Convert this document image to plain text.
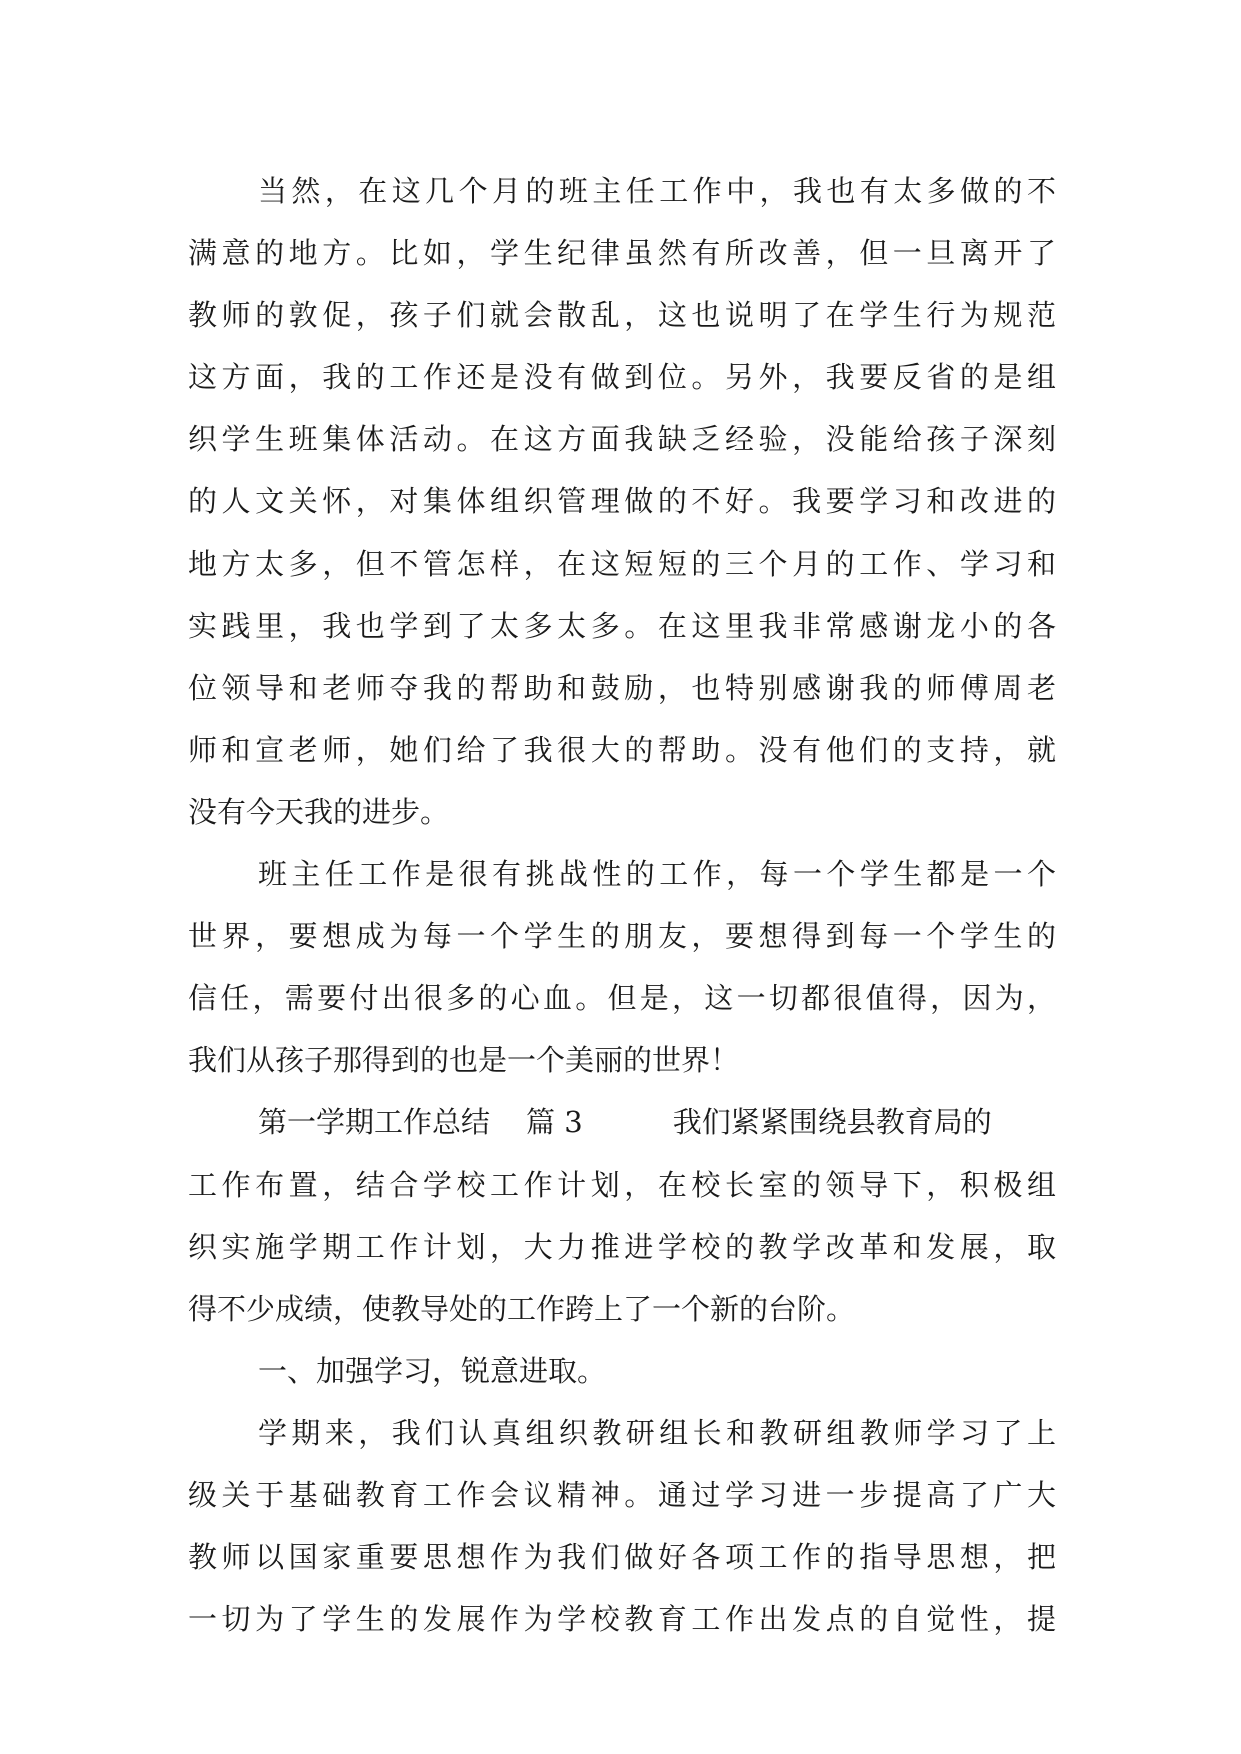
当然，在这几个月的班主任工作中，我也有太多做的不
满意的地方。比如，学生纪律虽然有所改善，但一旦离开了
教师的敦促，孩子们就会散乱，这也说明了在学生行为规范
这方面，我的工作还是没有做到位。另外，我要反省的是组
织学生班集体活动。在这方面我缺乏经验，没能给孩子深刻
的人文关怀，对集体组织管理做的不好。我要学习和改进的
地方太多，但不管怎样，在这短短的三个月的工作、学习和
实践里，我也学到了太多太多。在这里我非常感谢龙小的各
位领导和老师夺我的帮助和鼓励，也特别感谢我的师傅周老
师和宣老师，她们给了我很大的帮助。没有他们的支持，就
没有今天我的进步。
班主任工作是很有挑战性的工作，每一个学生都是一个
世界，要想成为每一个学生的朋友，要想得到每一个学生的
信任，需要付出很多的心血。但是，这一切都很值得，因为，
我们从孩子那得到的也是一个美丽的世界！
第一学期工作总结 篇 3	我们紧紧围绕县教育局的
工作布置，结合学校工作计划，在校长室的领导下，积极组
织实施学期工作计划，大力推进学校的教学改革和发展，取
得不少成绩，使教导处的工作跨上了一个新的台阶。
一、加强学习，锐意进取。
学期来，我们认真组织教研组长和教研组教师学习了上
级关于基础教育工作会议精神。通过学习进一步提高了广大
教师以国家重要思想作为我们做好各项工作的指导思想，把
一切为了学生的发展作为学校教育工作出发点的自觉性，提
